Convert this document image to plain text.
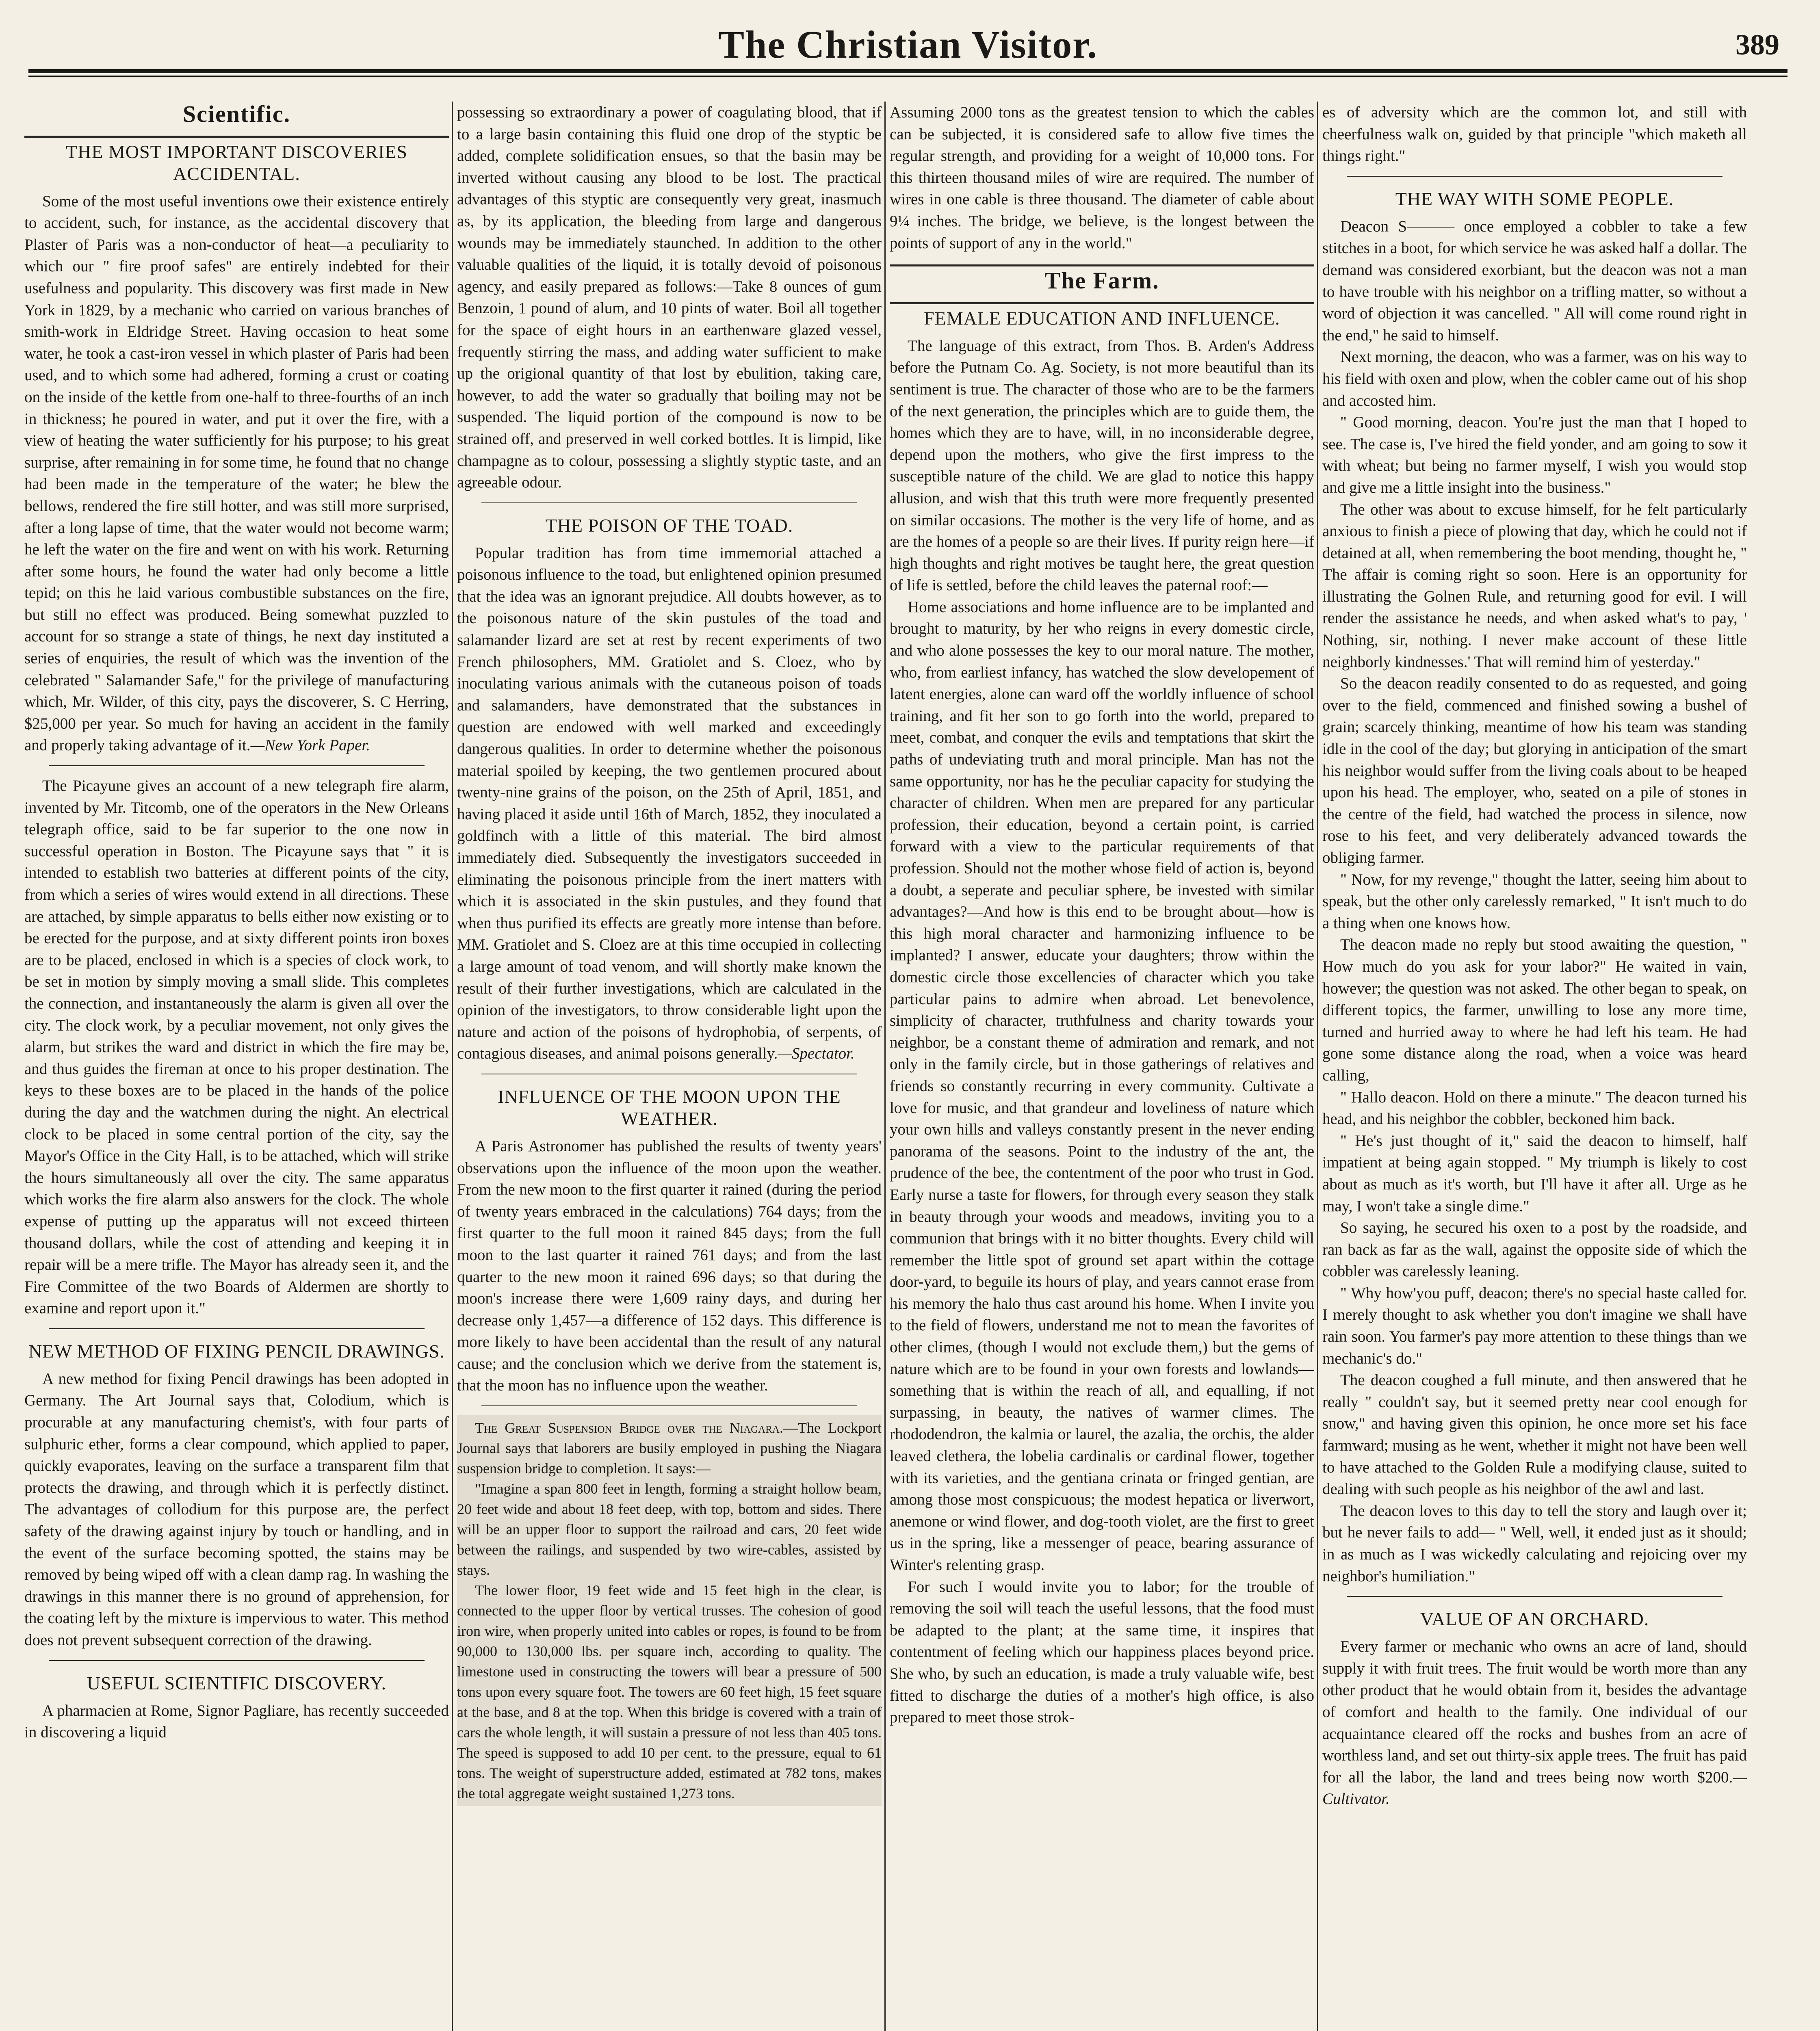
The Christian Visitor.	389
Scientific.
THE MOST IMPORTANT DISCOVERIES ACCIDENTAL.

Some of the most useful inventions owe their existence entirely to accident, such, for instance, as the accidental discovery that Plaster of Paris was a non-conductor of heat—a peculiarity to which our " fire proof safes" are entirely indebted for their usefulness and popularity. This discovery was first made in New York in 1829, by a mechanic who carried on various branches of smith-work in Eldridge Street. Having occasion to heat some water, he took a cast-iron vessel in which plaster of Paris had been used, and to which some had adhered, forming a crust or coating on the inside of the kettle from one-half to three-fourths of an inch in thickness; he poured in water, and put it over the fire, with a view of heating the water sufficiently for his purpose; to his great surprise, after remaining in for some time, he found that no change had been made in the temperature of the water; he blew the bellows, rendered the fire still hotter, and was still more surprised, after a long lapse of time, that the water would not become warm; he left the water on the fire and went on with his work. Returning after some hours, he found the water had only become a little tepid; on this he laid various combustible substances on the fire, but still no effect was produced. Being somewhat puzzled to account for so strange a state of things, he next day instituted a series of enquiries, the result of which was the invention of the celebrated " Salamander Safe," for the privilege of manufacturing which, Mr. Wilder, of this city, pays the discoverer, S. C Herring, $25,000 per year. So much for having an accident in the family and properly taking advantage of it.—New York Paper.

The Picayune gives an account of a new telegraph fire alarm, invented by Mr. Titcomb, one of the operators in the New Orleans telegraph office, said to be far superior to the one now in successful operation in Boston. The Picayune says that " it is intended to establish two batteries at different points of the city, from which a series of wires would extend in all directions. These are attached, by simple apparatus to bells either now existing or to be erected for the purpose, and at sixty different points iron boxes are to be placed, enclosed in which is a species of clock work, to be set in motion by simply moving a small slide. This completes the connection, and instantaneously the alarm is given all over the city. The clock work, by a peculiar movement, not only gives the alarm, but strikes the ward and district in which the fire may be, and thus guides the fireman at once to his proper destination. The keys to these boxes are to be placed in the hands of the police during the day and the watchmen during the night. An electrical clock to be placed in some central portion of the city, say the Mayor's Office in the City Hall, is to be attached, which will strike the hours simultaneously all over the city. The same apparatus which works the fire alarm also answers for the clock. The whole expense of putting up the apparatus will not exceed thirteen thousand dollars, while the cost of attending and keeping it in repair will be a mere trifle. The Mayor has already seen it, and the Fire Committee of the two Boards of Aldermen are shortly to examine and report upon it."

NEW METHOD OF FIXING PENCIL DRAWINGS.

A new method for fixing Pencil drawings has been adopted in Germany. The Art Journal says that, Colodium, which is procurable at any manufacturing chemist's, with four parts of sulphuric ether, forms a clear compound, which applied to paper, quickly evaporates, leaving on the surface a transparent film that protects the drawing, and through which it is perfectly distinct. The advantages of collodium for this purpose are, the perfect safety of the drawing against injury by touch or handling, and in the event of the surface becoming spotted, the stains may be removed by being wiped off with a clean damp rag. In washing the drawings in this manner there is no ground of apprehension, for the coating left by the mixture is impervious to water. This method does not prevent subsequent correction of the drawing.

USEFUL SCIENTIFIC DISCOVERY.

A pharmacien at Rome, Signor Pagliare, has recently succeeded in discovering a liquid

possessing so extraordinary a power of coagulating blood, that if to a large basin containing this fluid one drop of the styptic be added, complete solidification ensues, so that the basin may be inverted without causing any blood to be lost. The practical advantages of this styptic are consequently very great, inasmuch as, by its application, the bleeding from large and dangerous wounds may be immediately staunched. In addition to the other valuable qualities of the liquid, it is totally devoid of poisonous agency, and easily prepared as follows:—Take 8 ounces of gum Benzoin, 1 pound of alum, and 10 pints of water. Boil all together for the space of eight hours in an earthenware glazed vessel, frequently stirring the mass, and adding water sufficient to make up the origional quantity of that lost by ebulition, taking care, however, to add the water so gradually that boiling may not be suspended. The liquid portion of the compound is now to be strained off, and preserved in well corked bottles. It is limpid, like champagne as to colour, possessing a slightly styptic taste, and an agreeable odour.

THE POISON OF THE TOAD.

Popular tradition has from time immemorial attached a poisonous influence to the toad, but enlightened opinion presumed that the idea was an ignorant prejudice. All doubts however, as to the poisonous nature of the skin pustules of the toad and salamander lizard are set at rest by recent experiments of two French philosophers, MM. Gratiolet and S. Cloez, who by inoculating various animals with the cutaneous poison of toads and salamanders, have demonstrated that the substances in question are endowed with well marked and exceedingly dangerous qualities. In order to determine whether the poisonous material spoiled by keeping, the two gentlemen procured about twenty-nine grains of the poison, on the 25th of April, 1851, and having placed it aside until 16th of March, 1852, they inoculated a goldfinch with a little of this material. The bird almost immediately died. Subsequently the investigators succeeded in eliminating the poisonous principle from the inert matters with which it is associated in the skin pustules, and they found that when thus purified its effects are greatly more intense than before. MM. Gratiolet and S. Cloez are at this time occupied in collecting a large amount of toad venom, and will shortly make known the result of their further investigations, which are calculated in the opinion of the investigators, to throw considerable light upon the nature and action of the poisons of hydrophobia, of serpents, of contagious diseases, and animal poisons generally.—Spectator.

INFLUENCE OF THE MOON UPON THE WEATHER.

A Paris Astronomer has published the results of twenty years' observations upon the influence of the moon upon the weather. From the new moon to the first quarter it rained (during the period of twenty years embraced in the calculations) 764 days; from the first quarter to the full moon it rained 845 days; from the full moon to the last quarter it rained 761 days; and from the last quarter to the new moon it rained 696 days; so that during the moon's increase there were 1,609 rainy days, and during her decrease only 1,457—a difference of 152 days. This difference is more likely to have been accidental than the result of any natural cause; and the conclusion which we derive from the statement is, that the moon has no influence upon the weather.

The Great Suspension Bridge over the Niagara.—The Lockport Journal says that laborers are busily employed in pushing the Niagara suspension bridge to completion. It says:—

"Imagine a span 800 feet in length, forming a straight hollow beam, 20 feet wide and about 18 feet deep, with top, bottom and sides. There will be an upper floor to support the railroad and cars, 20 feet wide between the railings, and suspended by two wire-cables, assisted by stays.

The lower floor, 19 feet wide and 15 feet high in the clear, is connected to the upper floor by vertical trusses. The cohesion of good iron wire, when properly united into cables or ropes, is found to be from 90,000 to 130,000 lbs. per square inch, according to quality. The limestone used in constructing the towers will bear a pressure of 500 tons upon every square foot. The towers are 60 feet high, 15 feet square at the base, and 8 at the top. When this bridge is covered with a train of cars the whole length, it will sustain a pressure of not less than 405 tons. The speed is supposed to add 10 per cent. to the pressure, equal to 61 tons. The weight of superstructure added, estimated at 782 tons, makes the total aggregate weight sustained 1,273 tons.

Assuming 2000 tons as the greatest tension to which the cables can be subjected, it is considered safe to allow five times the regular strength, and providing for a weight of 10,000 tons. For this thirteen thousand miles of wire are required. The number of wires in one cable is three thousand. The diameter of cable about 9¼ inches. The bridge, we believe, is the longest between the points of support of any in the world."

The Farm.
FEMALE EDUCATION AND INFLUENCE.

The language of this extract, from Thos. B. Arden's Address before the Putnam Co. Ag. Society, is not more beautiful than its sentiment is true. The character of those who are to be the farmers of the next generation, the principles which are to guide them, the homes which they are to have, will, in no inconsiderable degree, depend upon the mothers, who give the first impress to the susceptible nature of the child. We are glad to notice this happy allusion, and wish that this truth were more frequently presented on similar occasions. The mother is the very life of home, and as are the homes of a people so are their lives. If purity reign here—if high thoughts and right motives be taught here, the great question of life is settled, before the child leaves the paternal roof:—

Home associations and home influence are to be implanted and brought to maturity, by her who reigns in every domestic circle, and who alone possesses the key to our moral nature. The mother, who, from earliest infancy, has watched the slow developement of latent energies, alone can ward off the worldly influence of school training, and fit her son to go forth into the world, prepared to meet, combat, and conquer the evils and temptations that skirt the paths of undeviating truth and moral principle. Man has not the same opportunity, nor has he the peculiar capacity for studying the character of children. When men are prepared for any particular profession, their education, beyond a certain point, is carried forward with a view to the particular requirements of that profession. Should not the mother whose field of action is, beyond a doubt, a seperate and peculiar sphere, be invested with similar advantages?—And how is this end to be brought about—how is this high moral character and harmonizing influence to be implanted? I answer, educate your daughters; throw within the domestic circle those excellencies of character which you take particular pains to admire when abroad. Let benevolence, simplicity of character, truthfulness and charity towards your neighbor, be a constant theme of admiration and remark, and not only in the family circle, but in those gatherings of relatives and friends so constantly recurring in every community. Cultivate a love for music, and that grandeur and loveliness of nature which your own hills and valleys constantly present in the never ending panorama of the seasons. Point to the industry of the ant, the prudence of the bee, the contentment of the poor who trust in God. Early nurse a taste for flowers, for through every season they stalk in beauty through your woods and meadows, inviting you to a communion that brings with it no bitter thoughts. Every child will remember the little spot of ground set apart within the cottage door-yard, to beguile its hours of play, and years cannot erase from his memory the halo thus cast around his home. When I invite you to the field of flowers, understand me not to mean the favorites of other climes, (though I would not exclude them,) but the gems of nature which are to be found in your own forests and lowlands—something that is within the reach of all, and equalling, if not surpassing, in beauty, the natives of warmer climes. The rhododendron, the kalmia or laurel, the azalia, the orchis, the alder leaved clethera, the lobelia cardinalis or cardinal flower, together with its varieties, and the gentiana crinata or fringed gentian, are among those most conspicuous; the modest hepatica or liverwort, anemone or wind flower, and dog-tooth violet, are the first to greet us in the spring, like a messenger of peace, bearing assurance of Winter's relenting grasp.

For such I would invite you to labor; for the trouble of removing the soil will teach the useful lessons, that the food must be adapted to the plant; at the same time, it inspires that contentment of feeling which our happiness places beyond price. She who, by such an education, is made a truly valuable wife, best fitted to discharge the duties of a mother's high office, is also prepared to meet those strok-

es of adversity which are the common lot, and still with cheerfulness walk on, guided by that principle "which maketh all things right."

THE WAY WITH SOME PEOPLE.

Deacon S——— once employed a cobbler to take a few stitches in a boot, for which service he was asked half a dollar. The demand was considered exorbiant, but the deacon was not a man to have trouble with his neighbor on a trifling matter, so without a word of objection it was cancelled. " All will come round right in the end," he said to himself.

Next morning, the deacon, who was a farmer, was on his way to his field with oxen and plow, when the cobler came out of his shop and accosted him.

" Good morning, deacon. You're just the man that I hoped to see. The case is, I've hired the field yonder, and am going to sow it with wheat; but being no farmer myself, I wish you would stop and give me a little insight into the business."

The other was about to excuse himself, for he felt particularly anxious to finish a piece of plowing that day, which he could not if detained at all, when remembering the boot mending, thought he, " The affair is coming right so soon. Here is an opportunity for illustrating the Golnen Rule, and returning good for evil. I will render the assistance he needs, and when asked what's to pay, ' Nothing, sir, nothing. I never make account of these little neighborly kindnesses.' That will remind him of yesterday."

So the deacon readily consented to do as requested, and going over to the field, commenced and finished sowing a bushel of grain; scarcely thinking, meantime of how his team was standing idle in the cool of the day; but glorying in anticipation of the smart his neighbor would suffer from the living coals about to be heaped upon his head. The employer, who, seated on a pile of stones in the centre of the field, had watched the process in silence, now rose to his feet, and very deliberately advanced towards the obliging farmer.

" Now, for my revenge," thought the latter, seeing him about to speak, but the other only carelessly remarked, " It isn't much to do a thing when one knows how.

The deacon made no reply but stood awaiting the question, " How much do you ask for your labor?" He waited in vain, however; the question was not asked. The other began to speak, on different topics, the farmer, unwilling to lose any more time, turned and hurried away to where he had left his team. He had gone some distance along the road, when a voice was heard calling,

" Hallo deacon. Hold on there a minute." The deacon turned his head, and his neighbor the cobbler, beckoned him back.

" He's just thought of it," said the deacon to himself, half impatient at being again stopped. " My triumph is likely to cost about as much as it's worth, but I'll have it after all. Urge as he may, I won't take a single dime."

So saying, he secured his oxen to a post by the roadside, and ran back as far as the wall, against the opposite side of which the cobbler was carelessly leaning.

" Why how'you puff, deacon; there's no special haste called for. I merely thought to ask whether you don't imagine we shall have rain soon. You farmer's pay more attention to these things than we mechanic's do."

The deacon coughed a full minute, and then answered that he really " couldn't say, but it seemed pretty near cool enough for snow," and having given this opinion, he once more set his face farmward; musing as he went, whether it might not have been well to have attached to the Golden Rule a modifying clause, suited to dealing with such people as his neighbor of the awl and last.

The deacon loves to this day to tell the story and laugh over it; but he never fails to add— " Well, well, it ended just as it should; in as much as I was wickedly calculating and rejoicing over my neighbor's humiliation."

VALUE OF AN ORCHARD.

Every farmer or mechanic who owns an acre of land, should supply it with fruit trees. The fruit would be worth more than any other product that he would obtain from it, besides the advantage of comfort and health to the family. One individual of our acquaintance cleared off the rocks and bushes from an acre of worthless land, and set out thirty-six apple trees. The fruit has paid for all the labor, the land and trees being now worth $200.—Cultivator.
